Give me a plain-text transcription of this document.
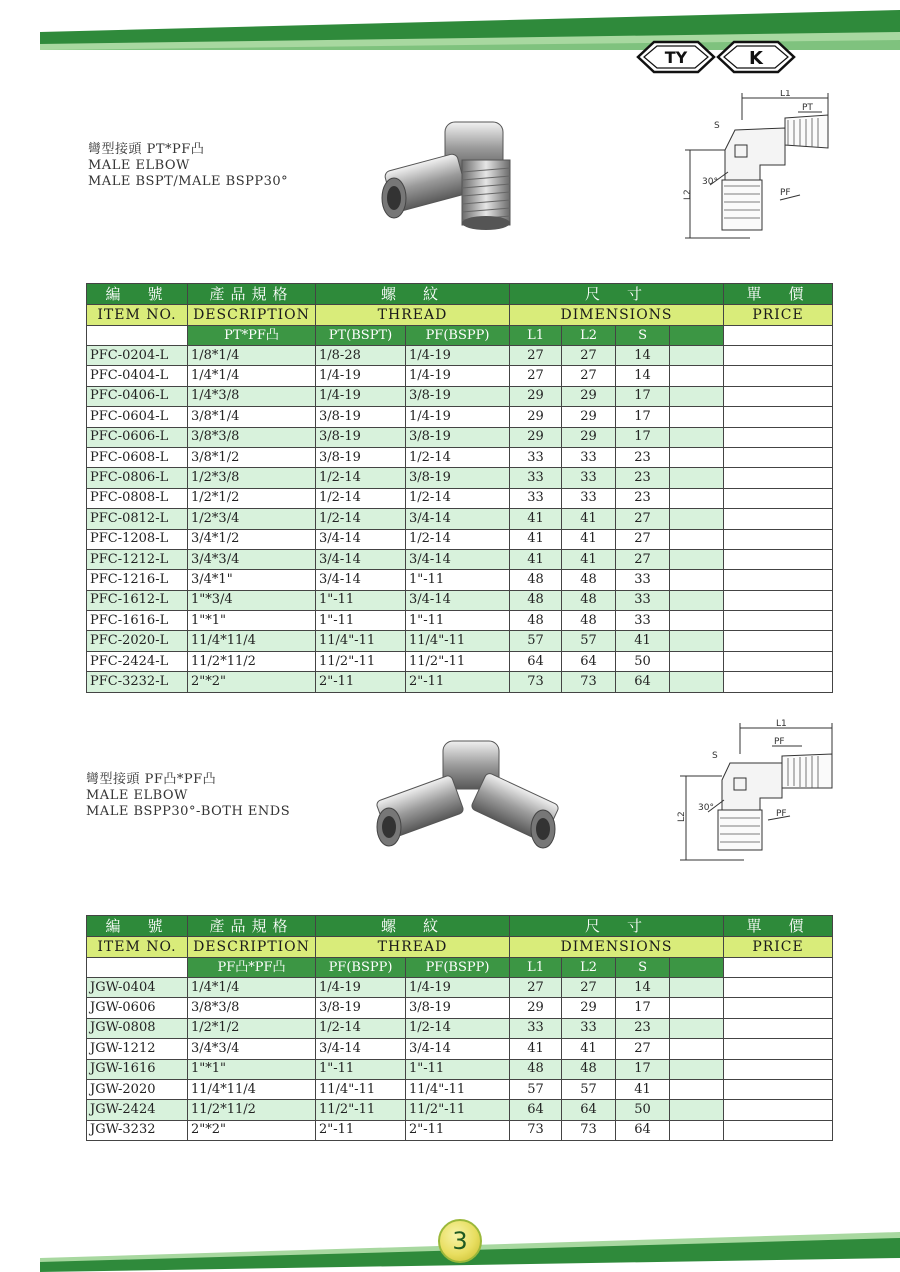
TY	K
彎型接頭 PT*PF凸
MALE ELBOW
MALE BSPT/MALE BSPP30°
L1
PT
S
30°
PF
L2
編　號	產品規格	螺　紋		尺　寸				單　價
ITEM NO.	DESCRIPTION	THREAD		DIMENSIONS				PRICE
	PT*PF凸	PT(BSPT)	PF(BSPP)	L1	L2	S		
PFC-0204-L	1/8*1/4	1/8-28	1/4-19	27	27	14		
PFC-0404-L	1/4*1/4	1/4-19	1/4-19	27	27	14		
PFC-0406-L	1/4*3/8	1/4-19	3/8-19	29	29	17		
PFC-0604-L	3/8*1/4	3/8-19	1/4-19	29	29	17		
PFC-0606-L	3/8*3/8	3/8-19	3/8-19	29	29	17		
PFC-0608-L	3/8*1/2	3/8-19	1/2-14	33	33	23		
PFC-0806-L	1/2*3/8	1/2-14	3/8-19	33	33	23		
PFC-0808-L	1/2*1/2	1/2-14	1/2-14	33	33	23		
PFC-0812-L	1/2*3/4	1/2-14	3/4-14	41	41	27		
PFC-1208-L	3/4*1/2	3/4-14	1/2-14	41	41	27		
PFC-1212-L	3/4*3/4	3/4-14	3/4-14	41	41	27		
PFC-1216-L	3/4*1"	3/4-14	1"-11	48	48	33		
PFC-1612-L	1"*3/4	1"-11	3/4-14	48	48	33		
PFC-1616-L	1"*1"	1"-11	1"-11	48	48	33		
PFC-2020-L	11/4*11/4	11/4"-11	11/4"-11	57	57	41		
PFC-2424-L	11/2*11/2	11/2"-11	11/2"-11	64	64	50		
PFC-3232-L	2"*2"	2"-11	2"-11	73	73	64		
彎型接頭 PF凸*PF凸
MALE ELBOW
MALE BSPP30°-BOTH ENDS
L1
PF
S
30°
PF
L2
編　號	產品規格	螺　紋		尺　寸				單　價
ITEM NO.	DESCRIPTION	THREAD		DIMENSIONS				PRICE
	PF凸*PF凸	PF(BSPP)	PF(BSPP)	L1	L2	S		
JGW-0404	1/4*1/4	1/4-19	1/4-19	27	27	14		
JGW-0606	3/8*3/8	3/8-19	3/8-19	29	29	17		
JGW-0808	1/2*1/2	1/2-14	1/2-14	33	33	23		
JGW-1212	3/4*3/4	3/4-14	3/4-14	41	41	27		
JGW-1616	1"*1"	1"-11	1"-11	48	48	17		
JGW-2020	11/4*11/4	11/4"-11	11/4"-11	57	57	41		
JGW-2424	11/2*11/2	11/2"-11	11/2"-11	64	64	50		
JGW-3232	2"*2"	2"-11	2"-11	73	73	64		
3
